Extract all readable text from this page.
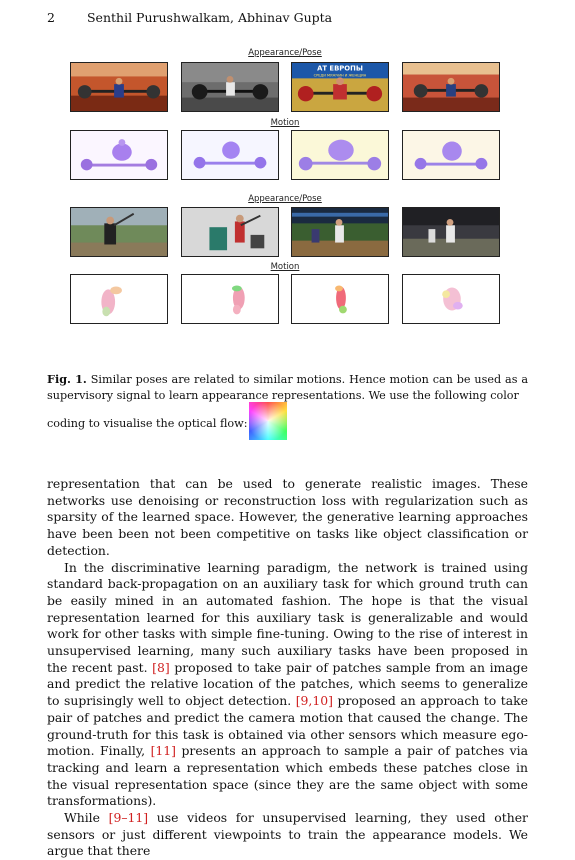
2	Senthil Purushwalkam, Abhinav Gupta
Appearance/Pose
АТ ЕВРОПЫ
СРЕДИ МУЖЧИН И ЖЕНЩИН
Motion
Appearance/Pose
Motion
Fig. 1. Similar poses are related to similar motions. Hence motion can be used as a supervisory signal to learn appearance representations. We use the following color
coding to visualise the optical flow:

representation that can be used to generate realistic images. These networks use denoising or reconstruction loss with regularization such as sparsity of the learned space. However, the generative learning approaches have been been not been competitive on tasks like object classification or detection.

In the discriminative learning paradigm, the network is trained using standard back-propagation on an auxiliary task for which ground truth can be easily mined in an automated fashion. The hope is that the visual representation learned for this auxiliary task is generalizable and would work for other tasks with simple fine-tuning. Owing to the rise of interest in unsupervised learning, many such auxiliary tasks have been proposed in the recent past. [8] proposed to take pair of patches sample from an image and predict the relative location of the patches, which seems to generalize to suprisingly well to object detection. [9,10] proposed an approach to take pair of patches and predict the camera motion that caused the change. The ground-truth for this task is obtained via other sensors which measure ego-motion. Finally, [11] presents an approach to sample a pair of patches via tracking and learn a representation which embeds these patches close in the visual representation space (since they are the same object with some transformations).

While [9–11] use videos for unsupervised learning, they used other sensors or just different viewpoints to train the appearance models. We argue that there
